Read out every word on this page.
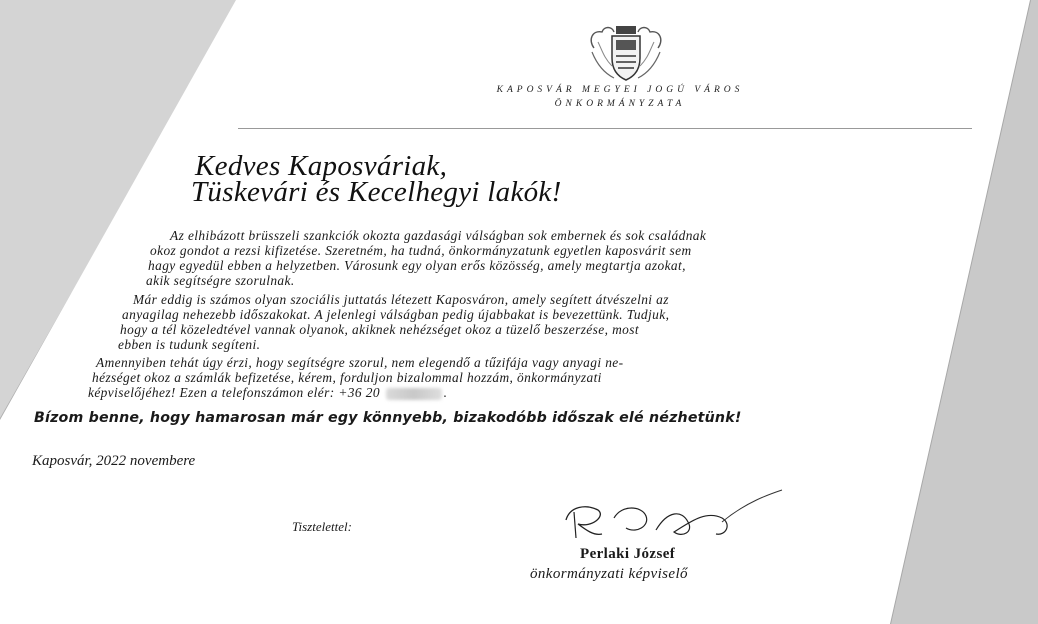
KAPOSVÁR MEGYEI JOGÚ VÁROS
ÖNKORMÁNYZATA
Kedves Kaposváriak,
Tüskevári és Kecelhegyi lakók!
Az elhibázott brüsszeli szankciók okozta gazdasági válságban sok embernek és sok családnak
okoz gondot a rezsi kifizetése. Szeretném, ha tudná, önkormányzatunk egyetlen kaposvárit sem
hagy egyedül ebben a helyzetben. Városunk egy olyan erős közösség, amely megtartja azokat,
akik segítségre szorulnak.
Már eddig is számos olyan szociális juttatás létezett Kaposváron, amely segített átvészelni az
anyagilag nehezebb időszakokat. A jelenlegi válságban pedig újabbakat is bevezettünk. Tudjuk,
hogy a tél közeledtével vannak olyanok, akiknek nehézséget okoz a tüzelő beszerzése, most
ebben is tudunk segíteni.
Amennyiben tehát úgy érzi, hogy segítségre szorul, nem elegendő a tűzifája vagy anyagi ne-
hézséget okoz a számlák befizetése, kérem, forduljon bizalommal hozzám, önkormányzati
képviselőjéhez! Ezen a telefonszámon elér: +36 20	.
Bízom benne, hogy hamarosan már egy könnyebb, bizakodóbb időszak elé nézhetünk!
Kaposvár, 2022 novembere
Tisztelettel:
Perlaki József
önkormányzati képviselő
